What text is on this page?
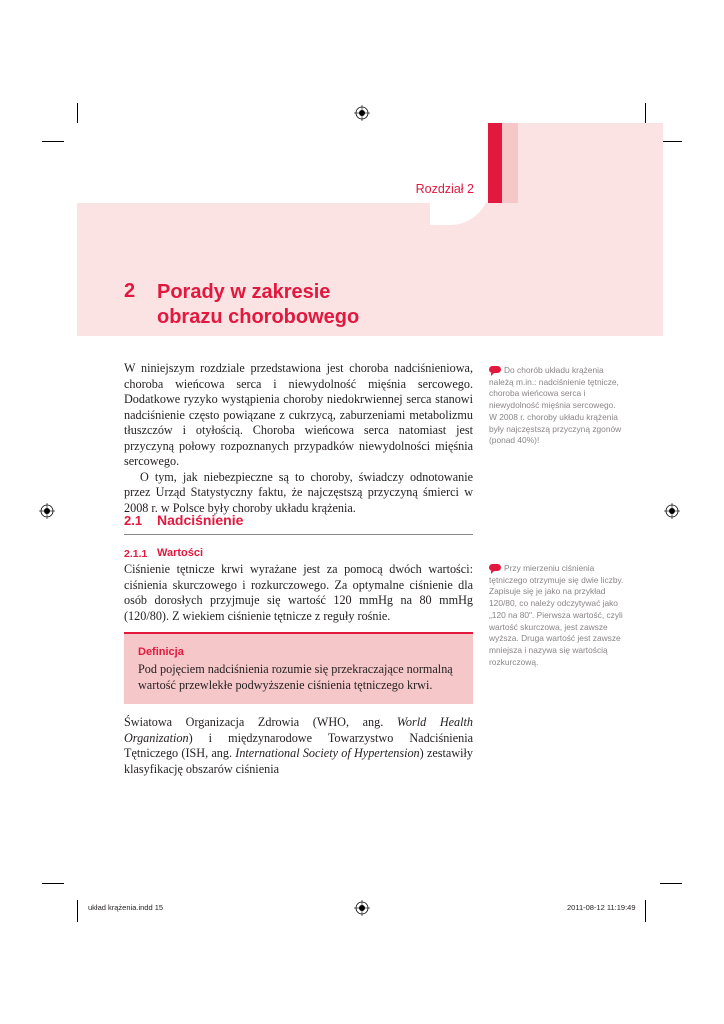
Rozdział 2
2 Porady w zakresie
obrazu chorobowego

W niniejszym rozdziale przedstawiona jest choroba nadciśnieniowa, choroba wieńcowa serca i niewydolność mięśnia sercowego. Dodatkowe ryzyko wystąpienia choroby niedokrwiennej serca stanowi nadciśnienie często powiązane z cukrzycą, zaburzeniami metabolizmu tłuszczów i otyłością. Choroba wieńcowa serca natomiast jest przyczyną połowy rozpoznanych przypadków niewydolności mięśnia sercowego.

O tym, jak niebezpieczne są to choroby, świadczy odnotowanie przez Urząd Statystyczny faktu, że najczęstszą przyczyną śmierci w 2008 r. w Polsce były choroby układu krążenia.

Do chorób układu krążenia należą m.in.: nadciśnienie tętnicze, choroba wieńcowa serca i niewydolność mięśnia sercowego. W 2008 r. choroby układu krążenia były najczęstszą przyczyną zgonów (ponad 40%)!
2.1 Nadciśnienie
2.1.1 Wartości

Ciśnienie tętnicze krwi wyrażane jest za pomocą dwóch wartości: ciśnienia skurczowego i rozkurczowego. Za optymalne ciśnienie dla osób dorosłych przyjmuje się wartość 120 mmHg na 80 mmHg (120/80). Z wiekiem ciśnienie tętnicze z reguły rośnie.

Przy mierzeniu ciśnienia tętniczego otrzymuje się dwie liczby. Zapisuje się je jako na przykład 120/80, co należy odczytywać jako „120 na 80". Pierwsza wartość, czyli wartość skurczowa, jest zawsze wyższa. Druga wartość jest zawsze mniejsza i nazywa się wartością rozkurczową.
Definicja
Pod pojęciem nadciśnienia rozumie się przekraczające normalną wartość przewlekłe podwyższenie ciśnienia tętniczego krwi.

Światowa Organizacja Zdrowia (WHO, ang. World Health Organization) i międzynarodowe Towarzystwo Nadciśnienia Tętniczego (ISH, ang. International Society of Hypertension) zestawiły klasyfikację obszarów ciśnienia

układ krążenia.indd 15	2011-08-12 11:19:49
